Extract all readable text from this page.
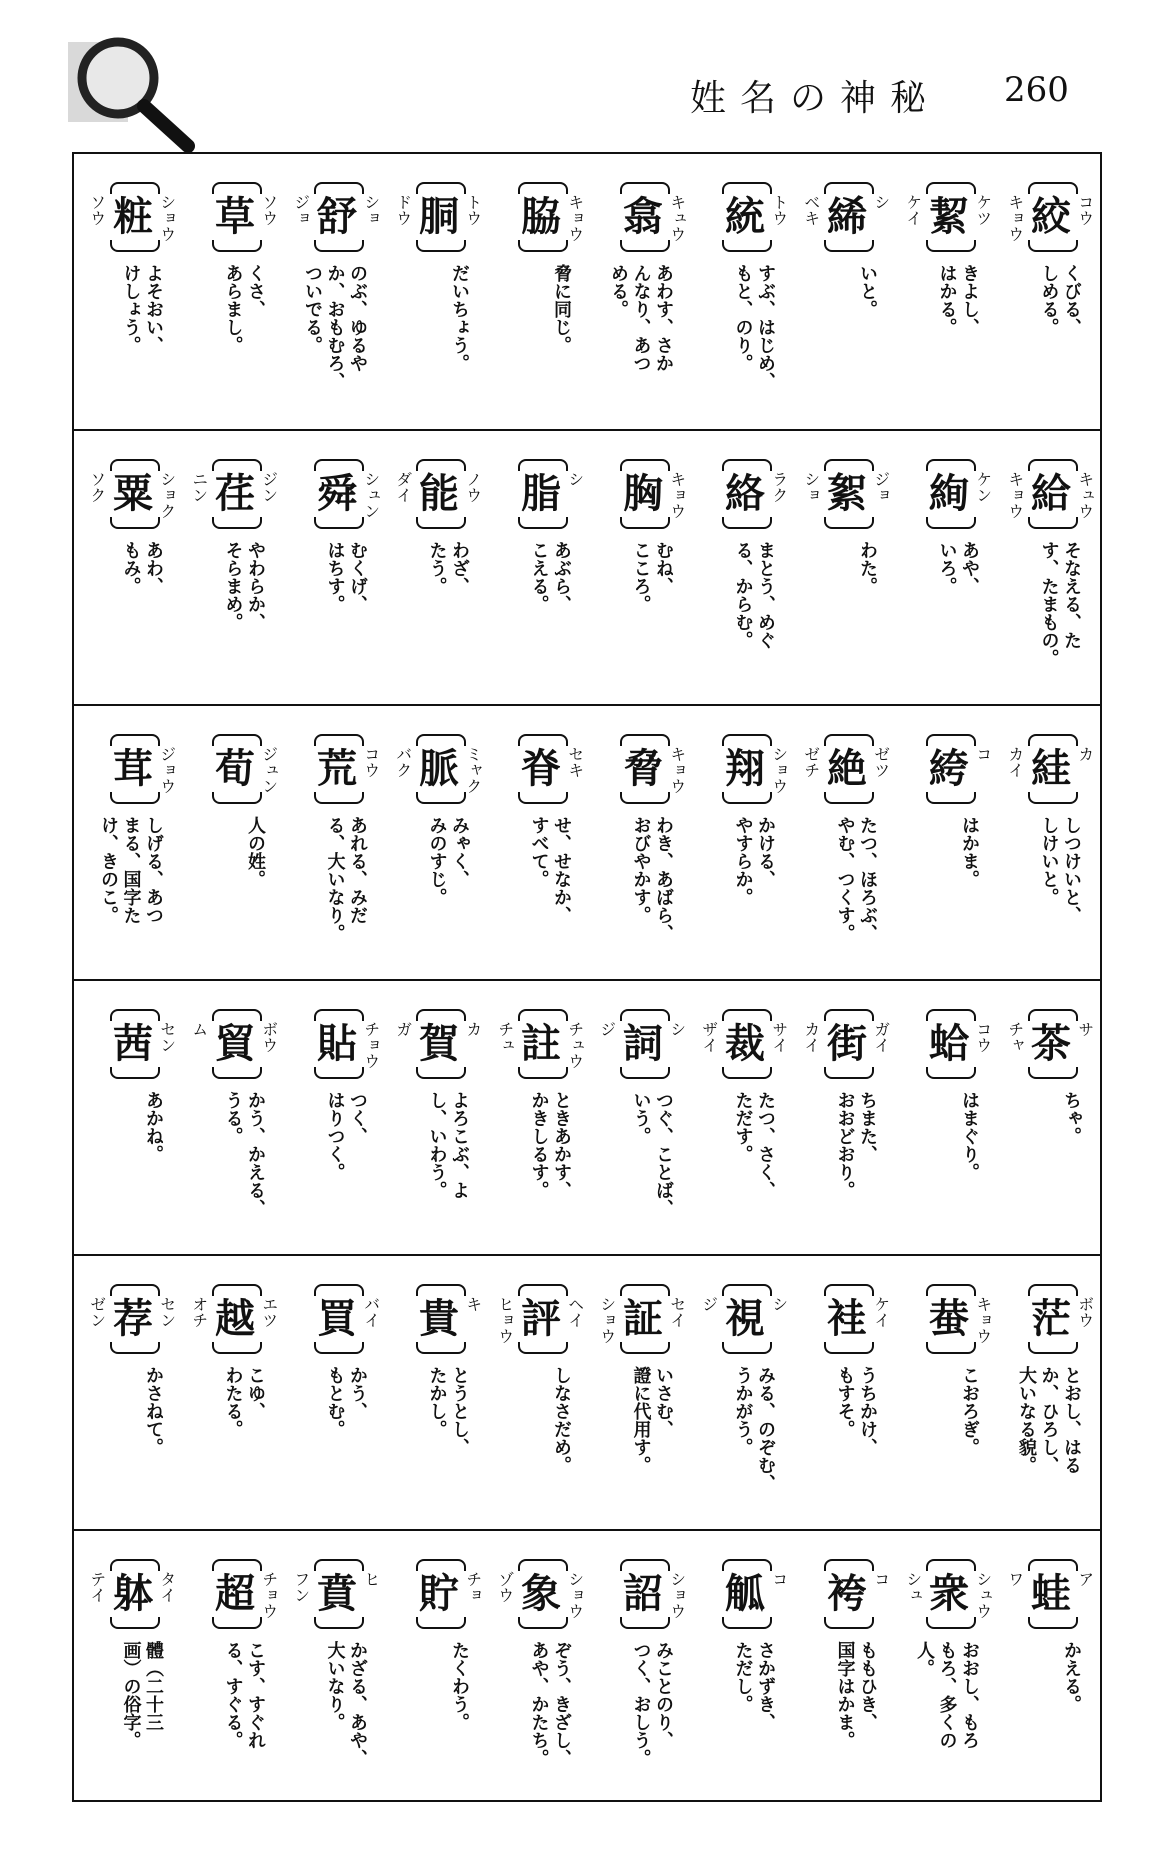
姓名の神秘 260
絞 コウ
キョウ
くびる、
しめる。
絜 ケツ
ケイ
きよし、
はかる。
絺 シ
ベキ
いと。
統 トウ
すぶ、はじめ、
もと、のり。
翕 キュウ
あわす、さか
んなり、あつ
める。
脇 キョウ
脅に同じ。
胴 トウ
ドウ
だいちょう。
舒 ショ
ジョ
のぶ、ゆるや
か、おもむろ、
ついでる。
草 ソウ
くさ、
あらまし。
粧 ショウ
ソウ
よそおい、
けしょう。
給 キュウ
キョウ
そなえる、た
す、たまもの。
絢 ケン
あや、
いろ。
絮 ジョ
ショ
わた。
絡 ラク
まとう、めぐ
る、からむ。
胸 キョウ
むね、
こころ。
脂 シ
あぶら、
こえる。
能 ノウ
ダイ
わざ、
たう。
舜 シュン
むくげ、
はちす。
荏 ジン
ニン
やわらか、
そらまめ。
粟 ショク
ソク
あわ、
もみ。
絓 カ
カイ
しつけいと、
しけいと。
絝 コ
はかま。
絶 ゼツ
ゼチ
たつ、ほろぶ、
やむ、つくす。
翔 ショウ
かける、
やすらか。
脅 キョウ
わき、あばら、
おびやかす。
脊 セキ
せ、せなか、
すべて。
脈 ミャク
バク
みゃく、
みのすじ。
荒 コウ
あれる、みだ
る、大いなり。
荀 ジュン
人の姓。
茸 ジョウ
しげる、あつ
まる、国字た
け、きのこ。
茶 サ
チャ
ちゃ。
蛤 コウ
はまぐり。
街 ガイ
カイ
ちまた、
おおどおり。
裁 サイ
ザイ
たつ、さく、
ただす。
詞 シ
ジ
つぐ、ことば、
いう。
註 チュウ
チュ
ときあかす、
かきしるす。
賀 カ
ガ
よろこぶ、よ
し、いわう。
貼 チョウ
つく、
はりつく。
貿 ボウ
ム
かう、かえる、
うる。
茜 セン
あかね。
茫 ボウ
とおし、はる
か、ひろし、
大いなる貌。
蛬 キョウ
こおろぎ。
袿 ケイ
うちかけ、
もすそ。
視 シ
ジ
みる、のぞむ、
うかがう。
証 セイ
ショウ
いさむ、
證に代用す。
評 ヘイ
ヒョウ
しなさだめ。
貴 キ
とうとし、
たかし。
買 バイ
かう、
もとむ。
越 エツ
オチ
こゆ、
わたる。
荐 セン
ゼン
かさねて。
蛙 ア
ワ
かえる。
衆 シュウ
シュ
おおし、もろ
もろ、多くの
人。
袴 コ
ももひき、
国字はかま。
觚 コ
さかずき、
ただし。
詔 ショウ
みことのり、
つく、おしう。
象 ショウ
ゾウ
ぞう、きざし、
あや、かたち。
貯 チョ
たくわう。
賁 ヒ
フン
かざる、あや、
大いなり。
超 チョウ
こす、すぐれ
る、すぐる。
躰 タイ
テイ
體（二十三
画）の俗字。
